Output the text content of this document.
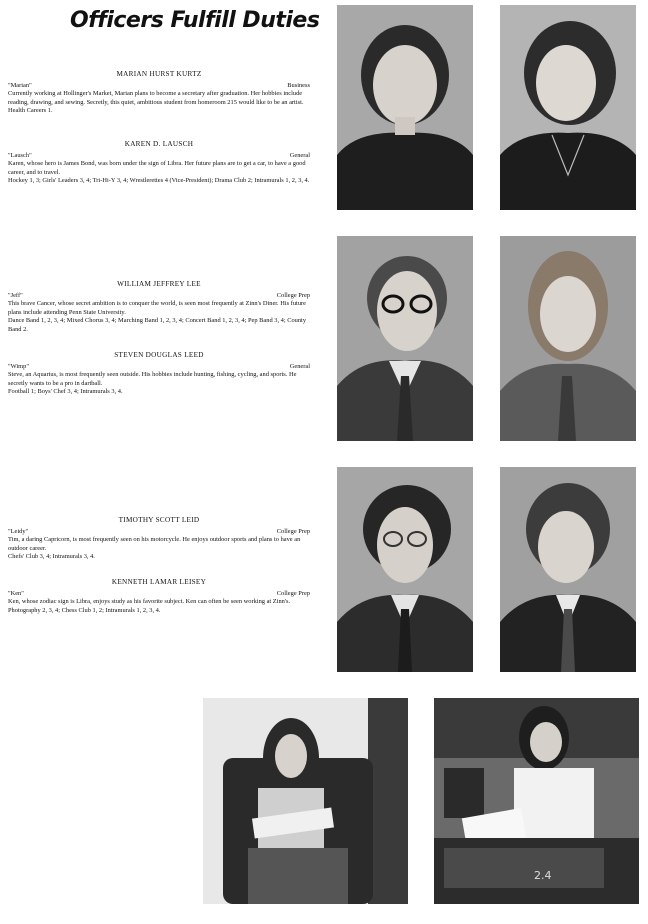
Officers Fulfill Duties
MARIAN HURST KURTZ
"Marian"	Business

Currently working at Hollinger's Market, Marian plans to become a secretary after graduation. Her hobbies include reading, drawing, and sewing. Secretly, this quiet, ambitious student from homeroom 215 would like to be an artist.

Health Careers 1.

KAREN D. LAUSCH
"Lausch"	General

Karen, whose hero is James Bond, was born under the sign of Libra. Her future plans are to get a car, to have a good career, and to travel.

Hockey 1, 3; Girls' Leaders 3, 4; Tri-Hi-Y 3, 4; Wrestlerettes 4 (Vice-President); Drama Club 2; Intramurals 1, 2, 3, 4.

WILLIAM JEFFREY LEE
"Jeff"	College Prep

This brave Cancer, whose secret ambition is to conquer the world, is seen most frequently at Zinn's Diner. His future plans include attending Penn State University.

Dance Band 1, 2, 3, 4; Mixed Chorus 3, 4; Marching Band 1, 2, 3, 4; Concert Band 1, 2, 3, 4; Pep Band 3, 4; County Band 2.

STEVEN DOUGLAS LEED
"Wimp"	General

Steve, an Aquarius, is most frequently seen outside. His hobbies include hunting, fishing, cycling, and sports. He secretly wants to be a pro in dartball.

Football 1; Boys' Chef 3, 4; Intramurals 3, 4.

TIMOTHY SCOTT LEID
"Leidy"	College Prep

Tim, a daring Capricorn, is most frequently seen on his motorcycle. He enjoys outdoor sports and plans to have an outdoor career.

Chefs' Club 3, 4; Intramurals 3, 4.

KENNETH LAMAR LEISEY
"Ken"	College Prep

Ken, whose zodiac sign is Libra, enjoys study as his favorite subject. Ken can often be seen working at Zinn's.

Photography 2, 3, 4; Chess Club 1, 2; Intramurals 1, 2, 3, 4.

2.4
